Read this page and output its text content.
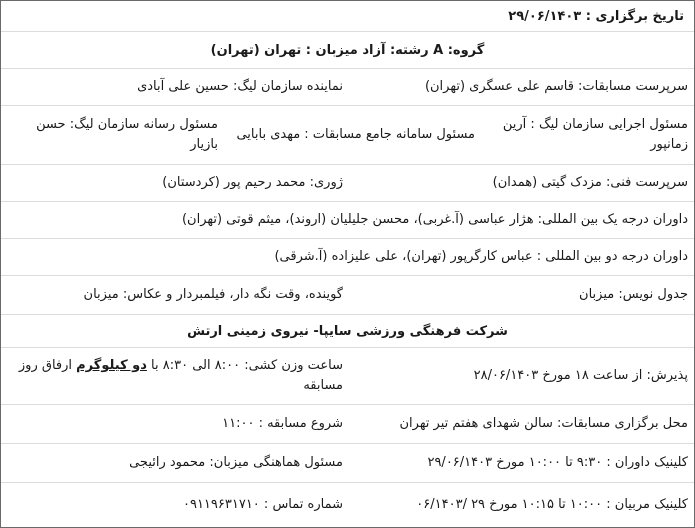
تاریخ برگزاری : ۲۹/۰۶/۱۴۰۳
گروه: A رشته: آزاد میزبان : تهران (تهران)
سرپرست مسابقات: قاسم علی عسگری (تهران)
نماینده سازمان لیگ: حسین علی آبادی
مسئول اجرایی سازمان لیگ : آرین زمانپور
مسئول سامانه جامع مسابقات : مهدی بابایی
مسئول رسانه سازمان لیگ: حسن بازیار
سرپرست فنی: مزدک گیتی (همدان)
ژوری: محمد رحیم پور (کردستان)
داوران درجه یک بین المللی: هژار عباسی (آ.غربی)، محسن جلیلیان (اروند)، میثم قوتی (تهران)
داوران درجه دو بین المللی : عباس کارگرپور (تهران)، علی علیزاده (آ.شرقی)
جدول نویس: میزبان
گوینده، وقت نگه دار، فیلمبردار و عکاس: میزبان
شرکت فرهنگی ورزشی سایپا- نیروی زمینی ارتش
پذیرش: از ساعت ۱۸ مورخ ۲۸/۰۶/۱۴۰۳
ساعت وزن کشی: ۸:۰۰ الی ۸:۳۰ با دو کیلوگرم ارفاق روز مسابقه
محل برگزاری مسابقات: سالن شهدای هفتم تیر تهران
شروع مسابقه : ۱۱:۰۰
کلینیک داوران : ۹:۳۰ تا ۱۰:۰۰ مورخ ۲۹/۰۶/۱۴۰۳
مسئول هماهنگی میزبان: محمود رائیجی
کلینیک مربیان : ۱۰:۰۰ تا ۱۰:۱۵ مورخ ۲۹ /۰۶/۱۴۰۳
شماره تماس : ۰۹۱۱۹۶۳۱۷۱۰
